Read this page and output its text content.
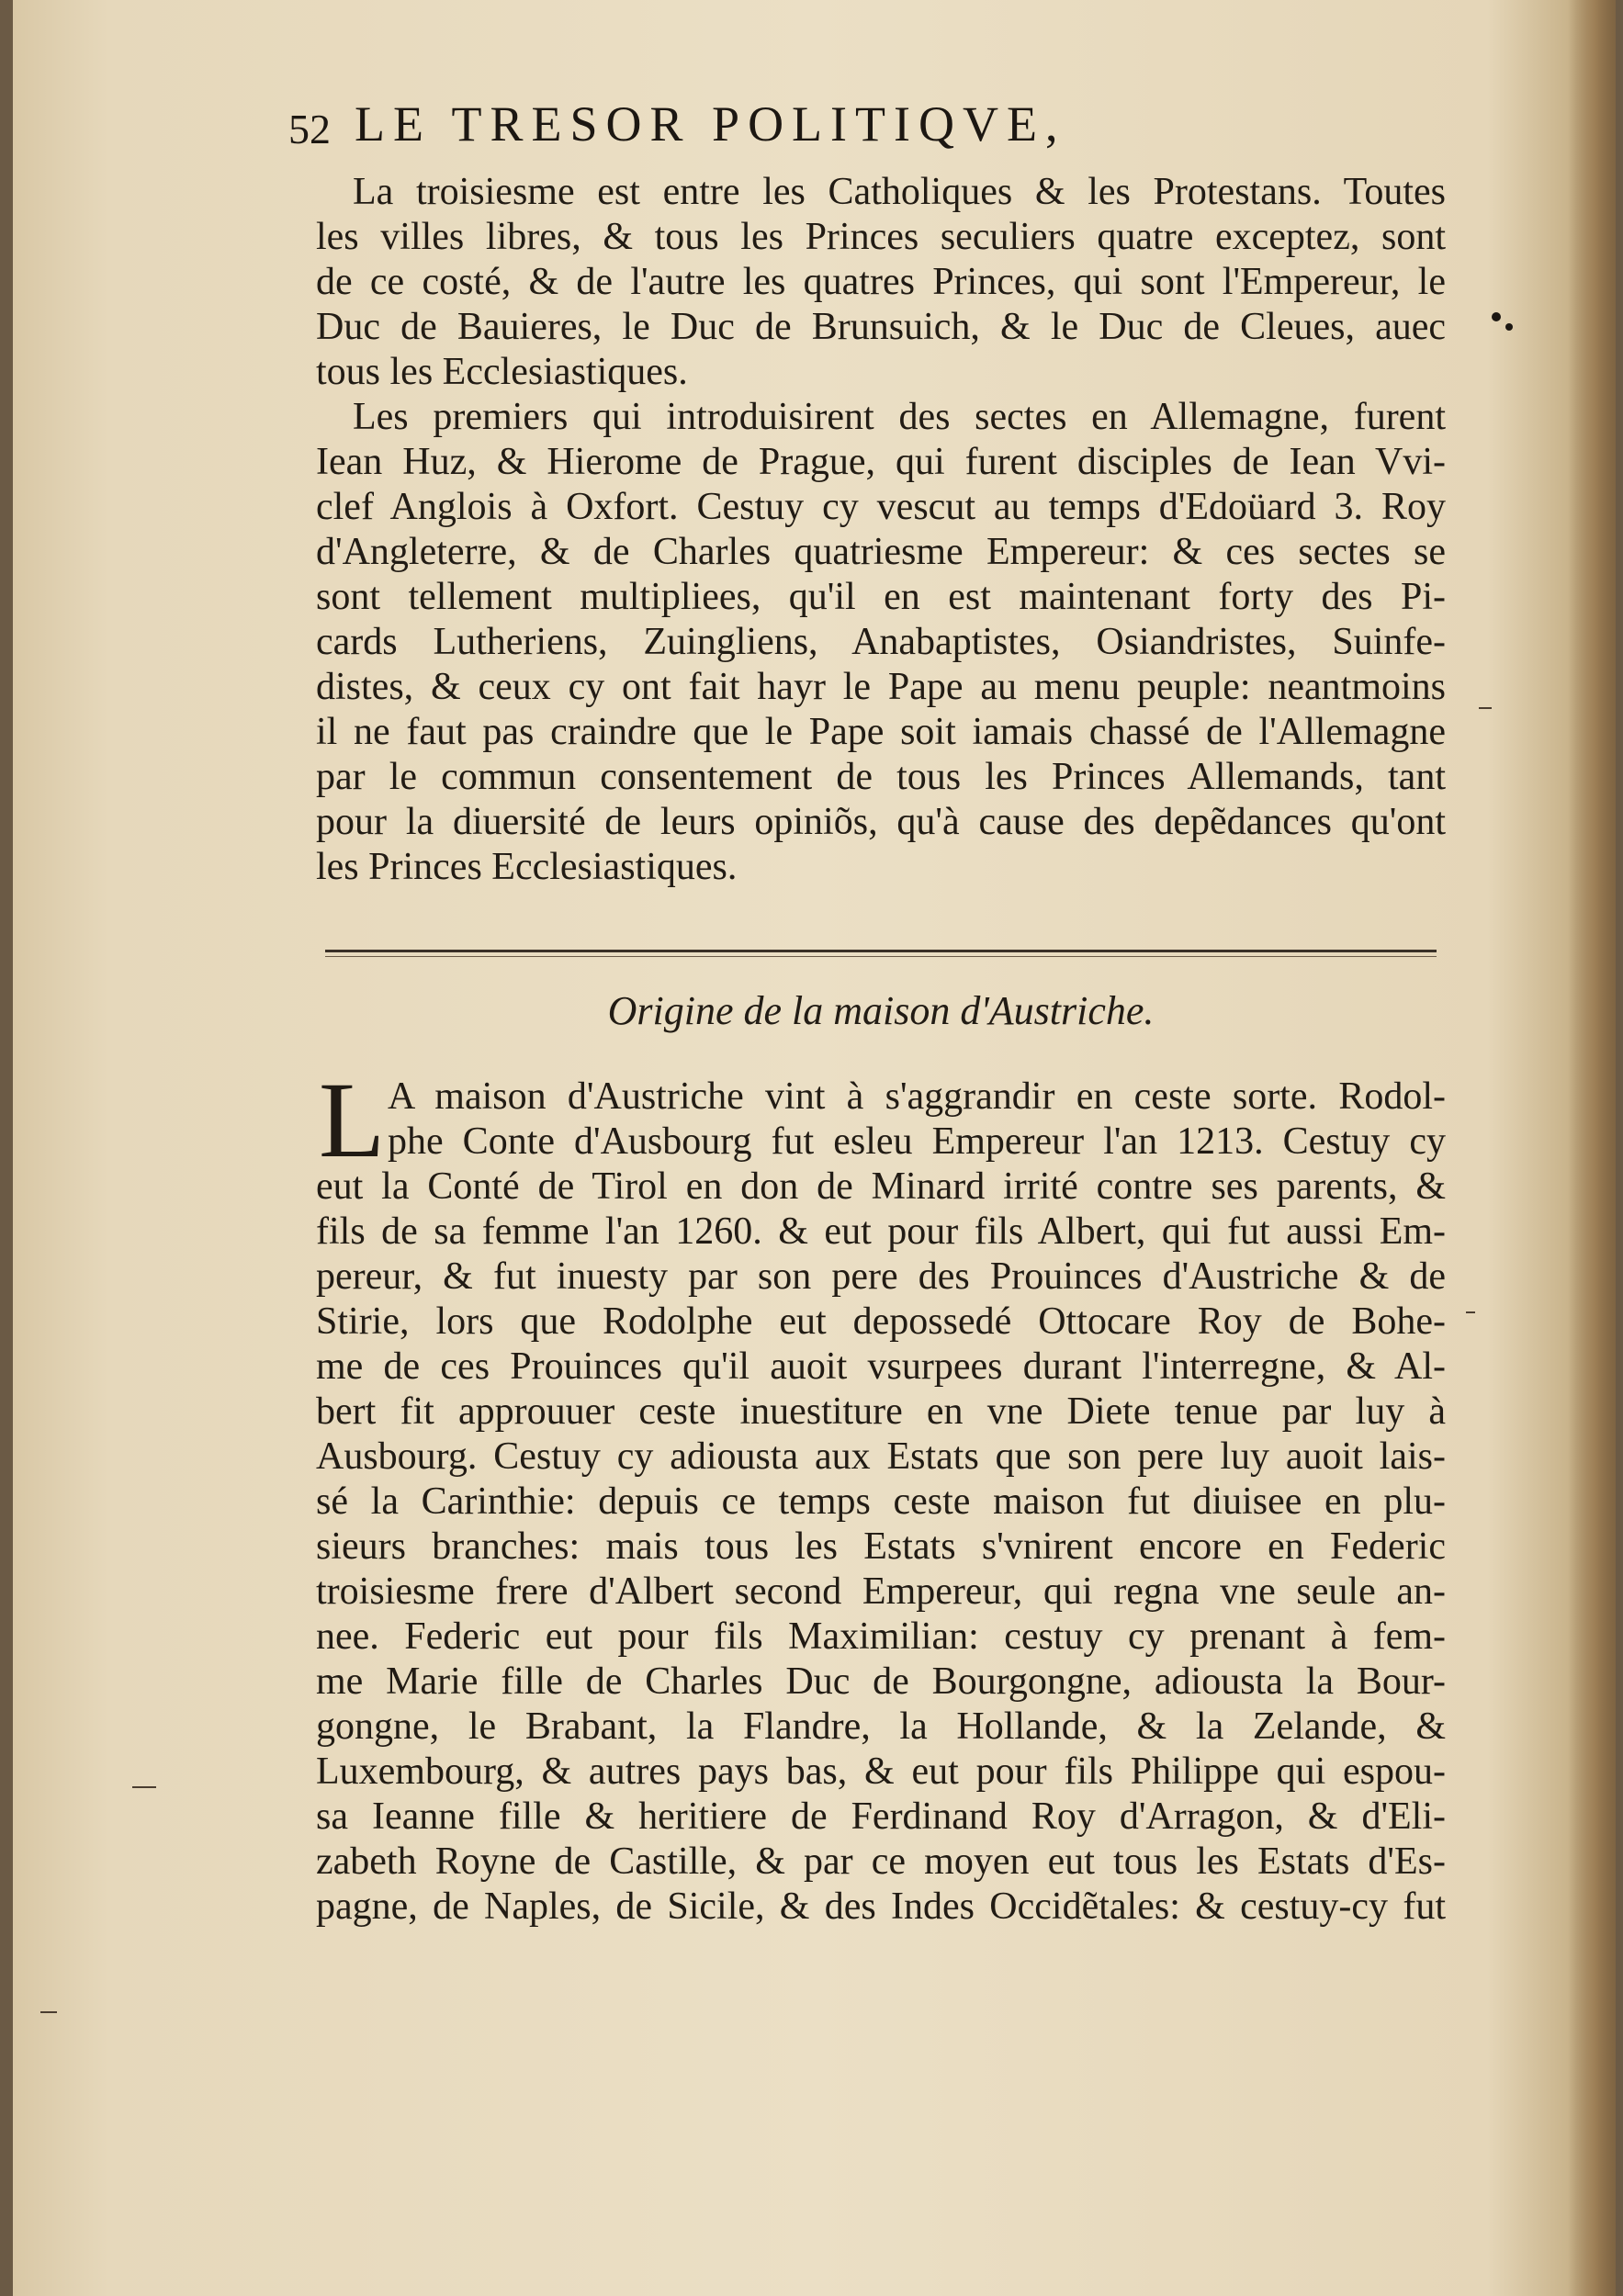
52 LE TRESOR POLITIQVE,
La troisiesme est entre les Catholiques & les Protestans. Toutes
les villes libres, & tous les Princes seculiers quatre exceptez, sont
de ce costé, & de l'autre les quatres Princes, qui sont l'Empereur, le
Duc de Bauieres, le Duc de Brunsuich, & le Duc de Cleues, auec
tous les Ecclesiastiques.
Les premiers qui introduisirent des sectes en Allemagne, furent
Iean Huz, & Hierome de Prague, qui furent disciples de Iean Vvi-
clef Anglois à Oxfort. Cestuy cy vescut au temps d'Edoüard 3. Roy
d'Angleterre, & de Charles quatriesme Empereur: & ces sectes se
sont tellement multipliees, qu'il en est maintenant forty des Pi-
cards Lutheriens, Zuingliens, Anabaptistes, Osiandristes, Suinfe-
distes, & ceux cy ont fait hayr le Pape au menu peuple: neantmoins
il ne faut pas craindre que le Pape soit iamais chassé de l'Allemagne
par le commun consentement de tous les Princes Allemands, tant
pour la diuersité de leurs opiniõs, qu'à cause des depẽdances qu'ont
les Princes Ecclesiastiques.
Origine de la maison d'Austriche.
L A maison d'Austriche vint à s'aggrandir en ceste sorte. Rodol-
phe Conte d'Ausbourg fut esleu Empereur l'an 1213. Cestuy cy
eut la Conté de Tirol en don de Minard irrité contre ses parents, &
fils de sa femme l'an 1260. & eut pour fils Albert, qui fut aussi Em-
pereur, & fut inuesty par son pere des Prouinces d'Austriche & de
Stirie, lors que Rodolphe eut depossedé Ottocare Roy de Bohe-
me de ces Prouinces qu'il auoit vsurpees durant l'interregne, & Al-
bert fit approuuer ceste inuestiture en vne Diete tenue par luy à
Ausbourg. Cestuy cy adiousta aux Estats que son pere luy auoit lais-
sé la Carinthie: depuis ce temps ceste maison fut diuisee en plu-
sieurs branches: mais tous les Estats s'vnirent encore en Federic
troisiesme frere d'Albert second Empereur, qui regna vne seule an-
nee. Federic eut pour fils Maximilian: cestuy cy prenant à fem-
me Marie fille de Charles Duc de Bourgongne, adiousta la Bour-
gongne, le Brabant, la Flandre, la Hollande, & la Zelande, &
Luxembourg, & autres pays bas, & eut pour fils Philippe qui espou-
sa Ieanne fille & heritiere de Ferdinand Roy d'Arragon, & d'Eli-
zabeth Royne de Castille, & par ce moyen eut tous les Estats d'Es-
pagne, de Naples, de Sicile, & des Indes Occidẽtales: & cestuy-cy fut
